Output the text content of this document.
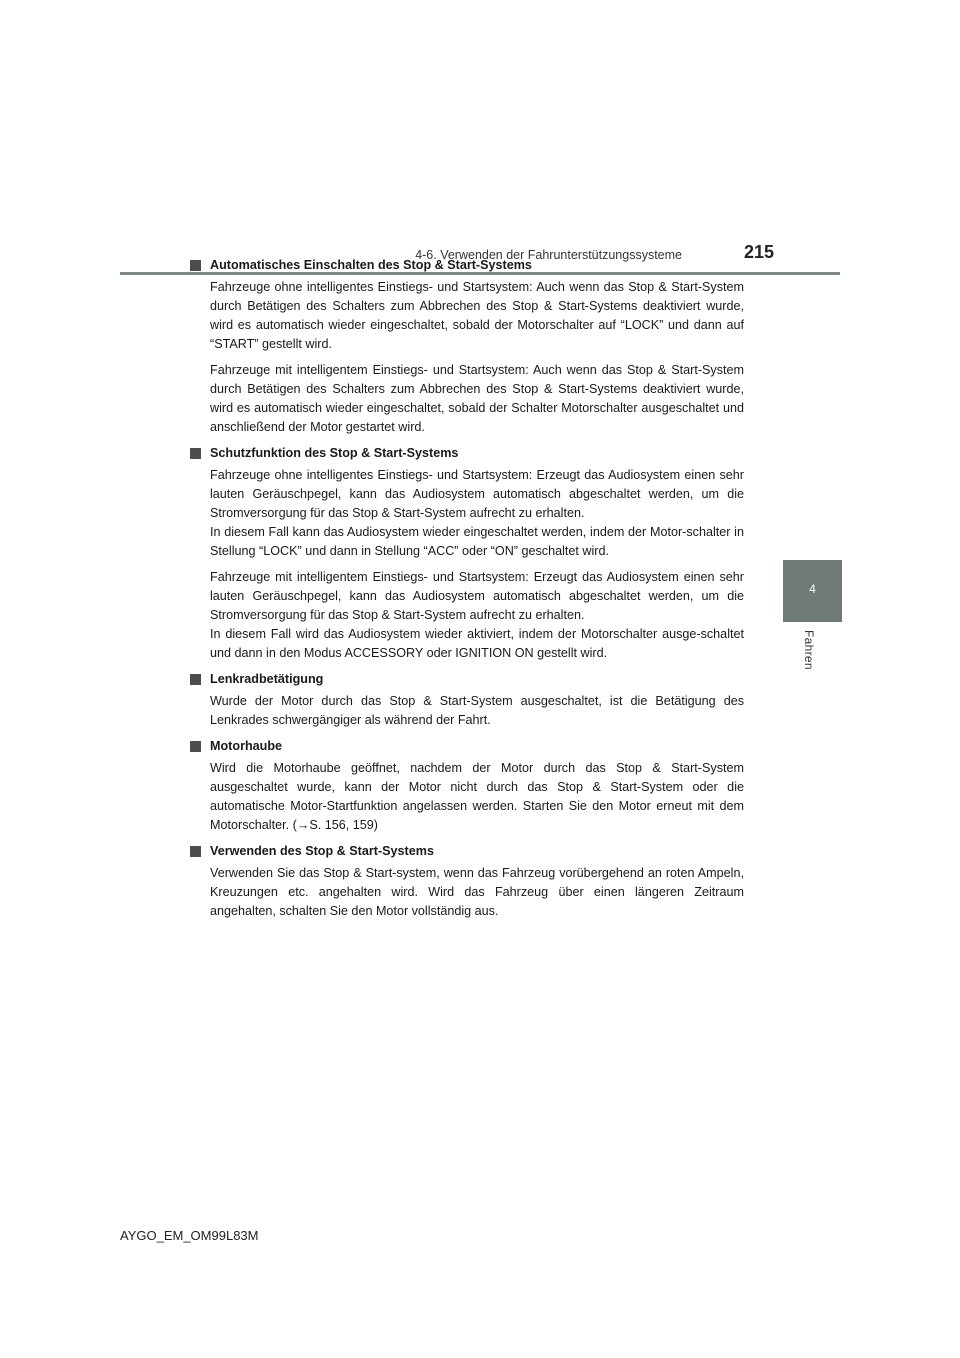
4-6. Verwenden der Fahrunterstützungssysteme	215
4
Fahren
Automatisches Einschalten des Stop & Start-Systems

Fahrzeuge ohne intelligentes Einstiegs- und Startsystem: Auch wenn das Stop & Start-System durch Betätigen des Schalters zum Abbrechen des Stop & Start-Systems deaktiviert wurde, wird es automatisch wieder eingeschaltet, sobald der Motorschalter auf “LOCK” und dann auf “START” gestellt wird.

Fahrzeuge mit intelligentem Einstiegs- und Startsystem: Auch wenn das Stop & Start-System durch Betätigen des Schalters zum Abbrechen des Stop & Start-Systems deaktiviert wurde, wird es automatisch wieder eingeschaltet, sobald der Schalter Motorschalter ausgeschaltet und anschließend der Motor gestartet wird.

Schutzfunktion des Stop & Start-Systems

Fahrzeuge ohne intelligentes Einstiegs- und Startsystem: Erzeugt das Audiosystem einen sehr lauten Geräuschpegel, kann das Audiosystem automatisch abgeschaltet werden, um die Stromversorgung für das Stop & Start-System aufrecht zu erhalten.

In diesem Fall kann das Audiosystem wieder eingeschaltet werden, indem der Motor-schalter in Stellung “LOCK” und dann in Stellung “ACC” oder “ON” geschaltet wird.

Fahrzeuge mit intelligentem Einstiegs- und Startsystem: Erzeugt das Audiosystem einen sehr lauten Geräuschpegel, kann das Audiosystem automatisch abgeschaltet werden, um die Stromversorgung für das Stop & Start-System aufrecht zu erhalten.

In diesem Fall wird das Audiosystem wieder aktiviert, indem der Motorschalter ausge-schaltet und dann in den Modus ACCESSORY oder IGNITION ON gestellt wird.

Lenkradbetätigung

Wurde der Motor durch das Stop & Start-System ausgeschaltet, ist die Betätigung des Lenkrades schwergängiger als während der Fahrt.

Motorhaube

Wird die Motorhaube geöffnet, nachdem der Motor durch das Stop & Start-System ausgeschaltet wurde, kann der Motor nicht durch das Stop & Start-System oder die automatische Motor-Startfunktion angelassen werden. Starten Sie den Motor erneut mit dem Motorschalter. (→S. 156, 159)

Verwenden des Stop & Start-Systems

Verwenden Sie das Stop & Start-system, wenn das Fahrzeug vorübergehend an roten Ampeln, Kreuzungen etc. angehalten wird. Wird das Fahrzeug über einen längeren Zeitraum angehalten, schalten Sie den Motor vollständig aus.

AYGO_EM_OM99L83M
